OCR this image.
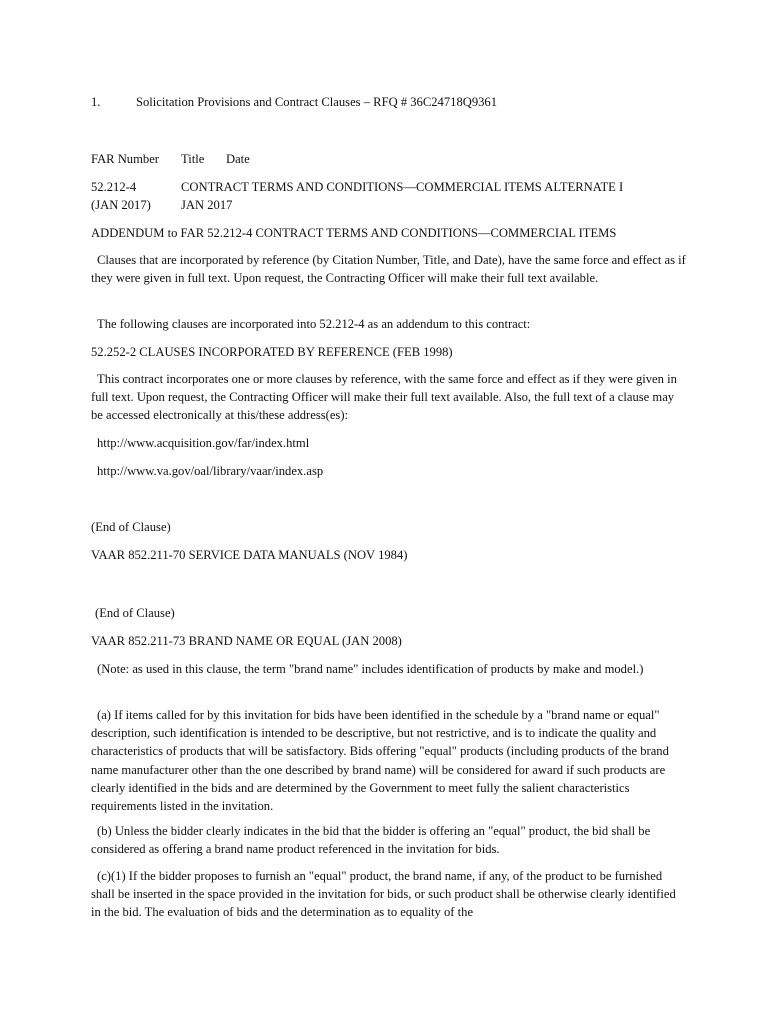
1.	Solicitation Provisions and Contract Clauses – RFQ # 36C24718Q9361
FAR Number Title Date
52.212-4	CONTRACT TERMS AND CONDITIONS—COMMERCIAL ITEMS ALTERNATE I
(JAN 2017) JAN 2017
ADDENDUM to FAR 52.212-4 CONTRACT TERMS AND CONDITIONS—COMMERCIAL ITEMS
Clauses that are incorporated by reference (by Citation Number, Title, and Date), have the same force and effect as if they were given in full text. Upon request, the Contracting Officer will make their full text available.
The following clauses are incorporated into 52.212-4 as an addendum to this contract:
52.252-2 CLAUSES INCORPORATED BY REFERENCE (FEB 1998)
This contract incorporates one or more clauses by reference, with the same force and effect as if they were given in full text. Upon request, the Contracting Officer will make their full text available. Also, the full text of a clause may be accessed electronically at this/these address(es):
http://www.acquisition.gov/far/index.html
http://www.va.gov/oal/library/vaar/index.asp
(End of Clause)
VAAR 852.211-70 SERVICE DATA MANUALS (NOV 1984)
(End of Clause)
VAAR 852.211-73 BRAND NAME OR EQUAL (JAN 2008)
(Note: as used in this clause, the term "brand name" includes identification of products by make and model.)
(a) If items called for by this invitation for bids have been identified in the schedule by a "brand name or equal" description, such identification is intended to be descriptive, but not restrictive, and is to indicate the quality and characteristics of products that will be satisfactory. Bids offering "equal" products (including products of the brand name manufacturer other than the one described by brand name) will be considered for award if such products are clearly identified in the bids and are determined by the Government to meet fully the salient characteristics requirements listed in the invitation.
(b) Unless the bidder clearly indicates in the bid that the bidder is offering an "equal" product, the bid shall be considered as offering a brand name product referenced in the invitation for bids.
(c)(1) If the bidder proposes to furnish an "equal" product, the brand name, if any, of the product to be furnished shall be inserted in the space provided in the invitation for bids, or such product shall be otherwise clearly identified in the bid. The evaluation of bids and the determination as to equality of the
